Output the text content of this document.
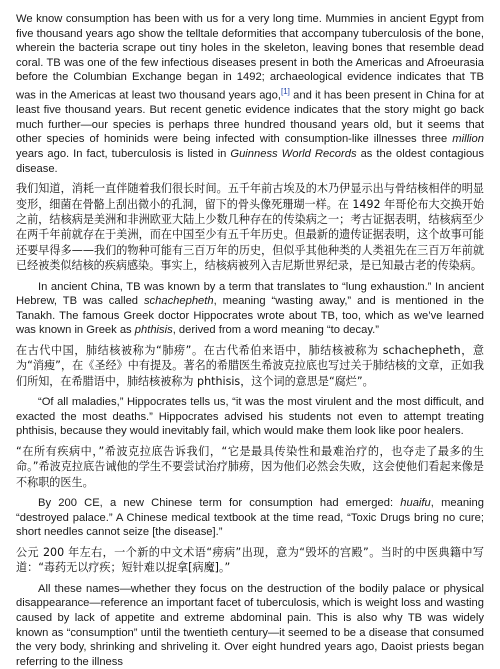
We know consumption has been with us for a very long time. Mummies in ancient Egypt from five thousand years ago show the telltale deformities that accompany tuberculosis of the bone, wherein the bacteria scrape out tiny holes in the skeleton, leaving bones that resemble dead coral. TB was one of the few infectious diseases present in both the Americas and Afroeurasia before the Columbian Exchange began in 1492; archaeological evidence indicates that TB was in the Americas at least two thousand years ago,[1] and it has been present in China for at least five thousand years. But recent genetic evidence indicates that the story might go back much further—our species is perhaps three hundred thousand years old, but it seems that other species of hominids were being infected with consumption-like illnesses three million years ago. In fact, tuberculosis is listed in Guinness World Records as the oldest contagious disease.

我们知道，消耗一直伴随着我们很长时间。五千年前古埃及的木乃伊显示出与骨结核相伴的明显变形，细菌在骨骼上刮出微小的孔洞，留下的骨头像死珊瑚一样。在 1492 年哥伦布大交换开始之前，结核病是美洲和非洲欧亚大陆上少数几种存在的传染病之一；考古证据表明，结核病至少在两千年前就存在于美洲，而在中国至少有五千年历史。但最新的遗传证据表明，这个故事可能还要早得多——我们的物种可能有三百万年的历史，但似乎其他种类的人类祖先在三百万年前就已经被类似结核的疾病感染。事实上，结核病被列入吉尼斯世界纪录，是已知最古老的传染病。

In ancient China, TB was known by a term that translates to “lung exhaustion.” In ancient Hebrew, TB was called schachepheth, meaning “wasting away,” and is mentioned in the Tanakh. The famous Greek doctor Hippocrates wrote about TB, too, which as we’ve learned was known in Greek as phthisis, derived from a word meaning “to decay.”

在古代中国，肺结核被称为“肺痨”。在古代希伯来语中，肺结核被称为 schachepheth，意为“消瘦”，在《圣经》中有提及。著名的希腊医生希波克拉底也写过关于肺结核的文章，正如我们所知，在希腊语中，肺结核被称为 phthisis，这个词的意思是“腐烂”。

“Of all maladies,” Hippocrates tells us, “it was the most virulent and the most difficult, and exacted the most deaths.” Hippocrates advised his students not even to attempt treating phthisis, because they would inevitably fail, which would make them look like poor healers.

“在所有疾病中，”希波克拉底告诉我们，“它是最具传染性和最难治疗的，也夺走了最多的生命。”希波克拉底告诫他的学生不要尝试治疗肺痨，因为他们必然会失败，这会使他们看起来像是不称职的医生。

By 200 CE, a new Chinese term for consumption had emerged: huaifu, meaning “destroyed palace.” A Chinese medical textbook at the time read, “Toxic Drugs bring no cure; short needles cannot seize [the disease].”

公元 200 年左右，一个新的中文术语“痨病”出现，意为“毁坏的宫殿”。当时的中医典籍中写道：“毒药无以疗疾；短针难以捉拿[病魔]。”

All these names—whether they focus on the destruction of the bodily palace or physical disappearance—reference an important facet of tuberculosis, which is weight loss and wasting caused by lack of appetite and extreme abdominal pain. This is also why TB was widely known as “consumption” until the twentieth century—it seemed to be a disease that consumed the very body, shrinking and shriveling it. Over eight hundred years ago, Daoist priests began referring to the illness
